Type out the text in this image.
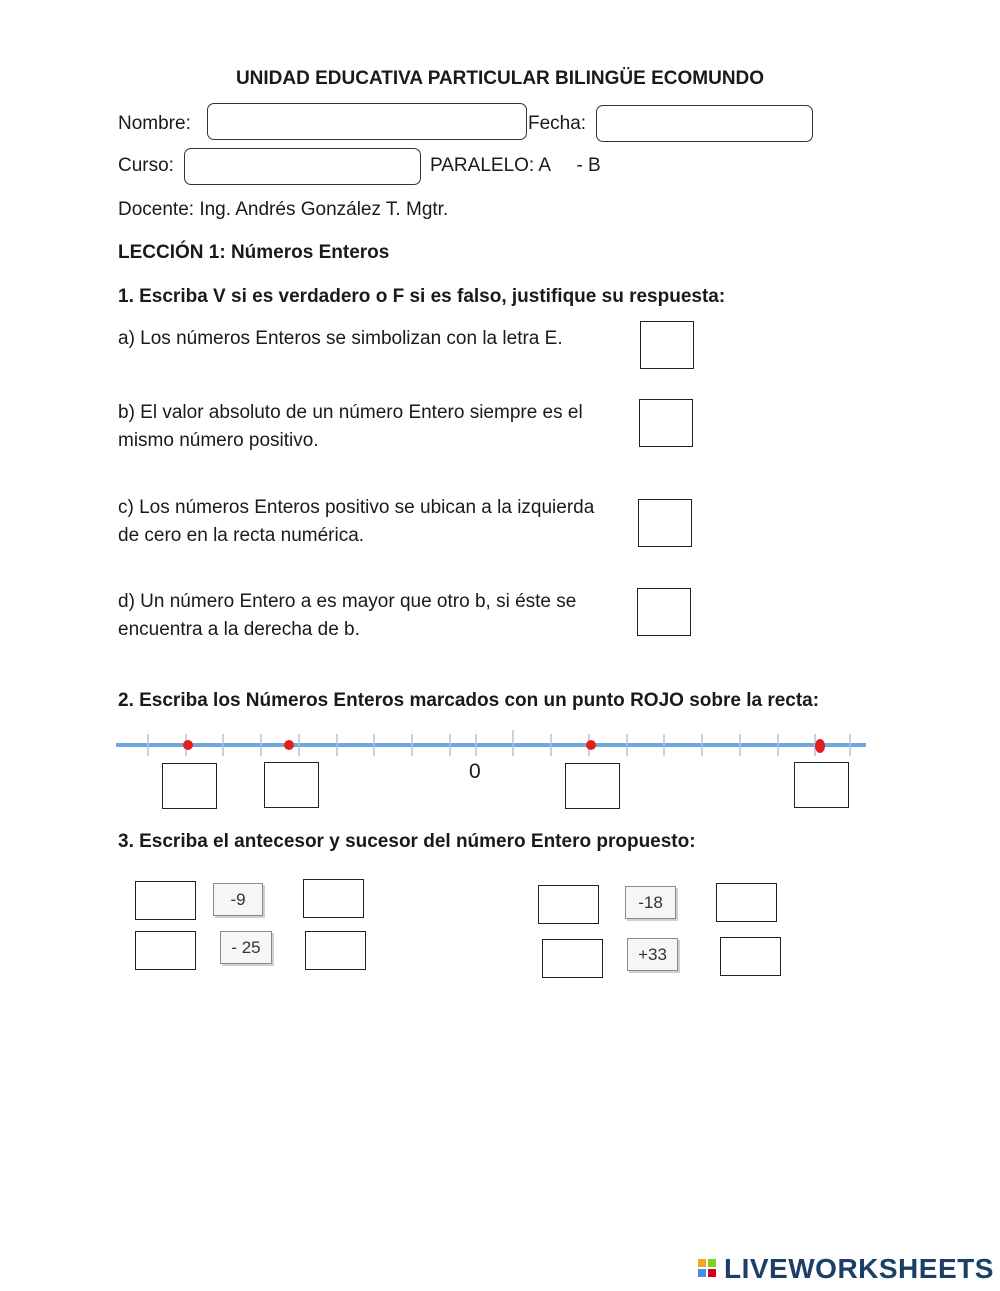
UNIDAD EDUCATIVA PARTICULAR BILINGÜE ECOMUNDO
Nombre:	Fecha:
Curso:	PARALELO: A     - B
Docente: Ing. Andrés González T. Mgtr.
LECCIÓN 1: Números Enteros
1. Escriba V si es verdadero o F si es falso, justifique su respuesta:
a) Los números Enteros se simbolizan con la letra E.
b) El valor absoluto de un número Entero siempre es el
mismo número positivo.
c) Los números Enteros positivo se ubican a la izquierda
de cero en la recta numérica.
d) Un número Entero a es mayor que otro b, si éste se
encuentra a la derecha de b.
2. Escriba los Números Enteros marcados con un punto ROJO sobre la recta:
0
3. Escriba el antecesor y sucesor del número Entero propuesto:
-9
- 25
-18
+33
LIVEWORKSHEETS
